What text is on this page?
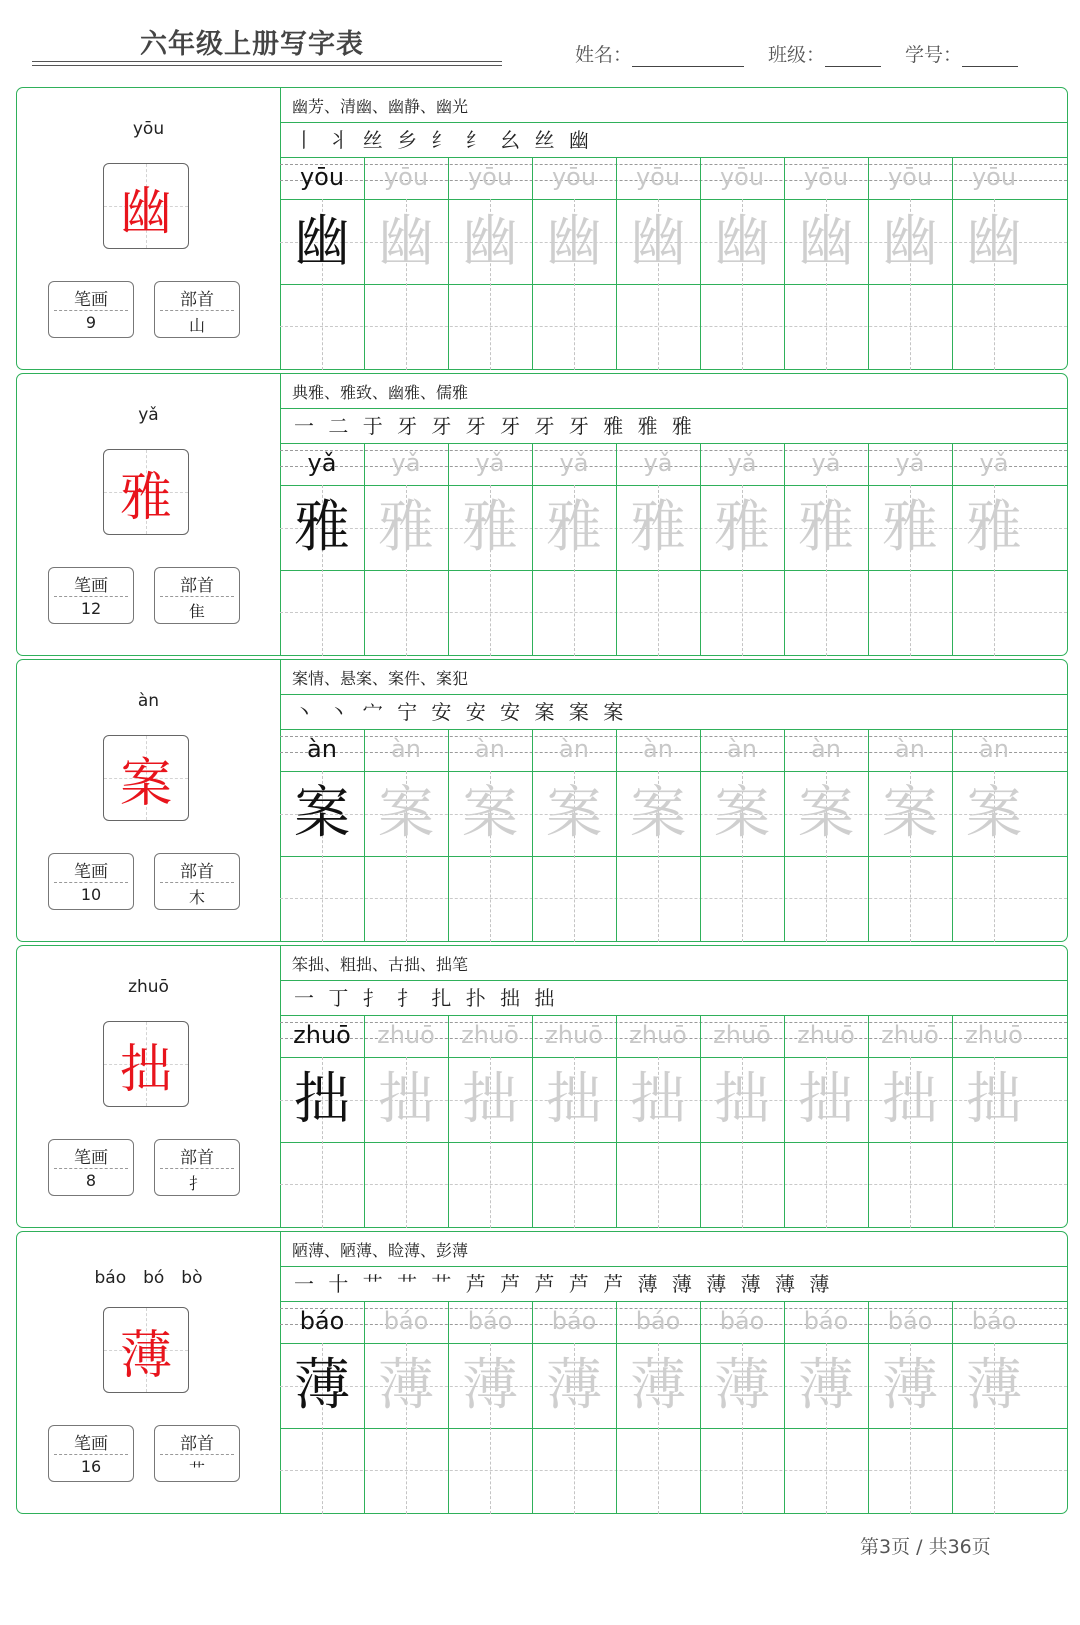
六年级上册写字表	姓名：	班级：	学号：
yōu
幽
笔画
9
部首
山
幽芳、清幽、幽静、幽光
丨 丬 丝 乡 纟 纟 幺 丝 幽
yōu
幽
yōu
幽
yōu
幽
yōu
幽
yōu
幽
yōu
幽
yōu
幽
yōu
幽
yōu
幽
yǎ
雅
笔画
12
部首
隹
典雅、雅致、幽雅、儒雅
一 二 于 牙 牙 牙 牙 牙 牙 雅 雅 雅
yǎ
雅
yǎ
雅
yǎ
雅
yǎ
雅
yǎ
雅
yǎ
雅
yǎ
雅
yǎ
雅
yǎ
雅
àn
案
笔画
10
部首
木
案情、悬案、案件、案犯
丶 丶 宀 宁 安 安 安 案 案 案
àn
案
àn
案
àn
案
àn
案
àn
案
àn
案
àn
案
àn
案
àn
案
zhuō
拙
笔画
8
部首
扌
笨拙、粗拙、古拙、拙笔
一 丁 扌 扌 扎 扑 拙 拙
zhuō
拙
zhuō
拙
zhuō
拙
zhuō
拙
zhuō
拙
zhuō
拙
zhuō
拙
zhuō
拙
zhuō
拙
báo　bó　bò
薄
笔画
16
部首
艹
陋薄、陋薄、睑薄、彭薄
一 十 艹 艹 艹 芦 芦 芦 芦 芦 薄 薄 薄 薄 薄 薄
báo
薄
báo
薄
báo
薄
báo
薄
báo
薄
báo
薄
báo
薄
báo
薄
báo
薄
第3页 / 共36页
